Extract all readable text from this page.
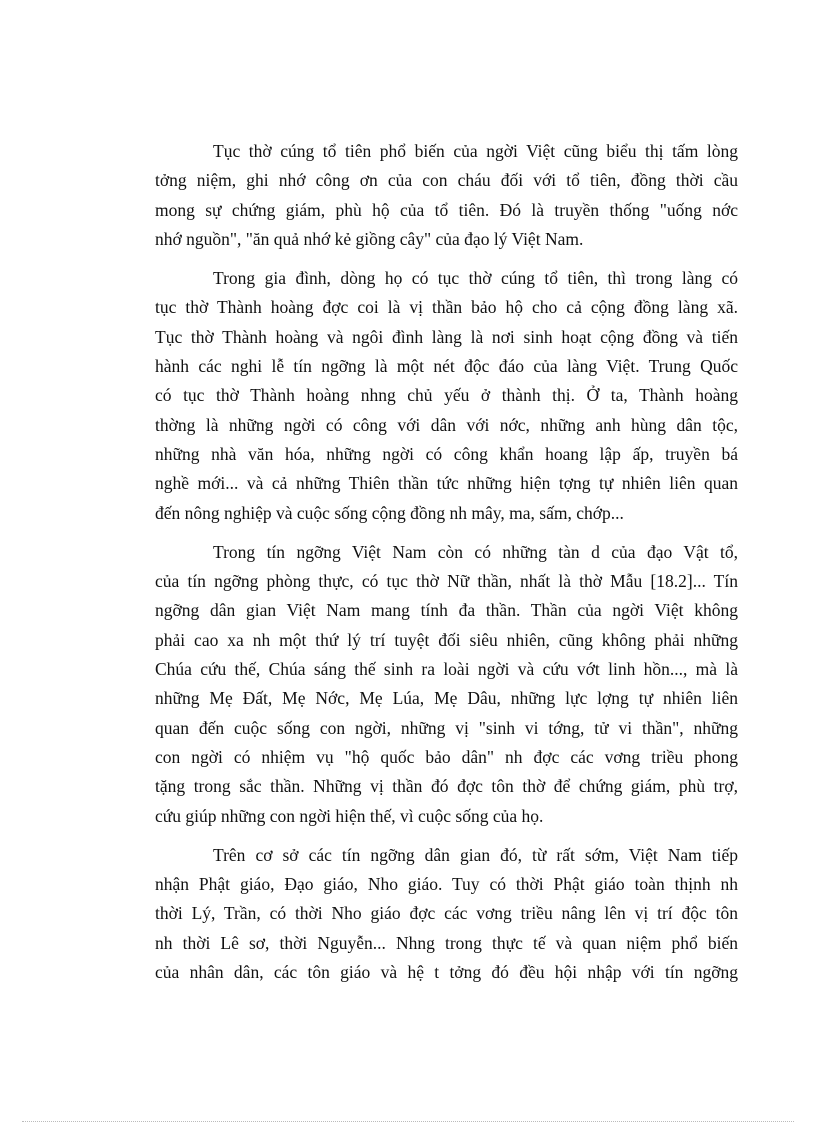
Tục thờ cúng tổ tiên phổ biến của ngời Việt cũng biểu thị tấm lòng
tởng niệm, ghi nhớ công ơn của con cháu đối với tổ tiên, đồng thời cầu
mong sự chứng giám, phù hộ của tổ tiên. Đó là truyền thống "uống nớc
nhớ nguồn", "ăn quả nhớ kẻ giồng cây" của đạo lý Việt Nam.
Trong gia đình, dòng họ có tục thờ cúng tổ tiên, thì trong làng có
tục thờ Thành hoàng đợc coi là vị thần bảo hộ cho cả cộng đồng làng xã.
Tục thờ Thành hoàng và ngôi đình làng là nơi sinh hoạt cộng đồng và tiến
hành các nghi lễ tín ngỡng là một nét độc đáo của làng Việt. Trung Quốc
có tục thờ Thành hoàng nhng chủ yếu ở thành thị. Ở ta, Thành hoàng
thờng là những ngời có công với dân với nớc, những anh hùng dân tộc,
những nhà văn hóa, những ngời có công khẩn hoang lập ấp, truyền bá
nghề mới... và cả những Thiên thần tức những hiện tợng tự nhiên liên quan
đến nông nghiệp và cuộc sống cộng đồng nh mây, ma, sấm, chớp...
Trong tín ngỡng Việt Nam còn có những tàn d của đạo Vật tổ,
của tín ngỡng phòng thực, có tục thờ Nữ thần, nhất là thờ Mẫu [18.2]... Tín
ngỡng dân gian Việt Nam mang tính đa thần. Thần của ngời Việt không
phải cao xa nh một thứ lý trí tuyệt đối siêu nhiên, cũng không phải những
Chúa cứu thế, Chúa sáng thế sinh ra loài ngời và cứu vớt linh hồn..., mà là
những Mẹ Đất, Mẹ Nớc, Mẹ Lúa, Mẹ Dâu, những lực lợng tự nhiên liên
quan đến cuộc sống con ngời, những vị "sinh vi tớng, tử vi thần", những
con ngời có nhiệm vụ "hộ quốc bảo dân" nh đợc các vơng triều phong
tặng trong sắc thần. Những vị thần đó đợc tôn thờ để chứng giám, phù trợ,
cứu giúp những con ngời hiện thế, vì cuộc sống của họ.
Trên cơ sở các tín ngỡng dân gian đó, từ rất sớm, Việt Nam tiếp
nhận Phật giáo, Đạo giáo, Nho giáo. Tuy có thời Phật giáo toàn thịnh nh
thời Lý, Trần, có thời Nho giáo đợc các vơng triều nâng lên vị trí độc tôn
nh thời Lê sơ, thời Nguyễn... Nhng trong thực tế và quan niệm phổ biến
của nhân dân, các tôn giáo và hệ t tởng đó đều hội nhập với tín ngỡng
